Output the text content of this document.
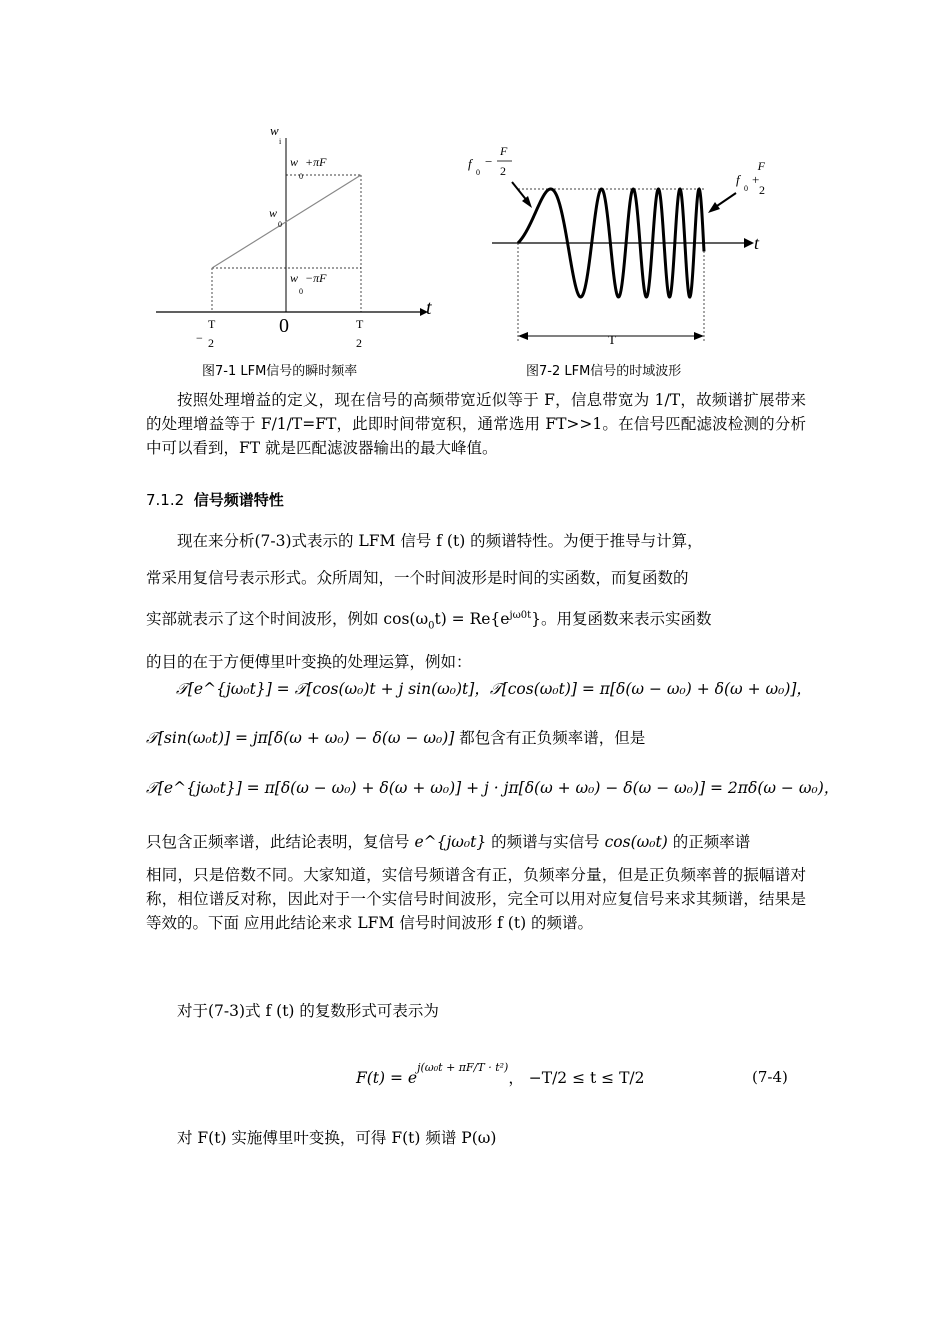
w
i
t
w
0
+πF
w
0
w
0
−πF
0
−
T
2
T
2
图7-1 LFM信号的瞬时频率
t
T
f
0
−
F
2
f
0
+
F
2
图7-2 LFM信号的时域波形
按照处理增益的定义，现在信号的高频带宽近似等于 F，信息带宽为 1/T，故频谱扩展带来的处理增益等于 F/1/T=FT，此即时间带宽积，通常选用 FT>>1。在信号匹配滤波检测的分析中可以看到，FT 就是匹配滤波器输出的最大峰值。
7.1.2 信号频谱特性
现在来分析(7-3)式表示的 LFM 信号 f (t) 的频谱特性。为便于推导与计算，
常采用复信号表示形式。众所周知，一个时间波形是时间的实函数，而复函数的
实部就表示了这个时间波形，例如 $\cos(\omega_0t) = Re\{e^{j\omega 0t}\}$。用复函数来表示实函数
的目的在于方便傅里叶变换的处理运算，例如：
𝒯[e^{jω₀t}] = 𝒯[cos(ω₀)t + j sin(ω₀)t]，𝒯[cos(ω₀t)] = π[δ(ω − ω₀) + δ(ω + ω₀)]，
𝒯[sin(ω₀t)] = jπ[δ(ω + ω₀) − δ(ω − ω₀)] 都包含有正负频率谱，但是
𝒯[e^{jω₀t}] = π[δ(ω − ω₀) + δ(ω + ω₀)] + j · jπ[δ(ω + ω₀) − δ(ω − ω₀)] = 2πδ(ω − ω₀)，
只包含正频率谱，此结论表明，复信号 e^{jω₀t} 的频谱与实信号 cos(ω₀t) 的正频率谱
相同，只是倍数不同。大家知道，实信号频谱含有正，负频率分量，但是正负频率普的振幅谱对称，相位谱反对称，因此对于一个实信号时间波形，完全可以用对应复信号来求其频谱，结果是等效的。下面 应用此结论来求 LFM 信号时间波形 f (t) 的频谱。
对于(7-3)式 f (t) 的复数形式可表示为
$F(t) = e^{j(\omega_0t + \pi F/T \cdot t^2)}$， −T/2 ≤ t ≤ T/2	(7-4)
对 F(t) 实施傅里叶变换，可得 F(t) 频谱 P(ω)
